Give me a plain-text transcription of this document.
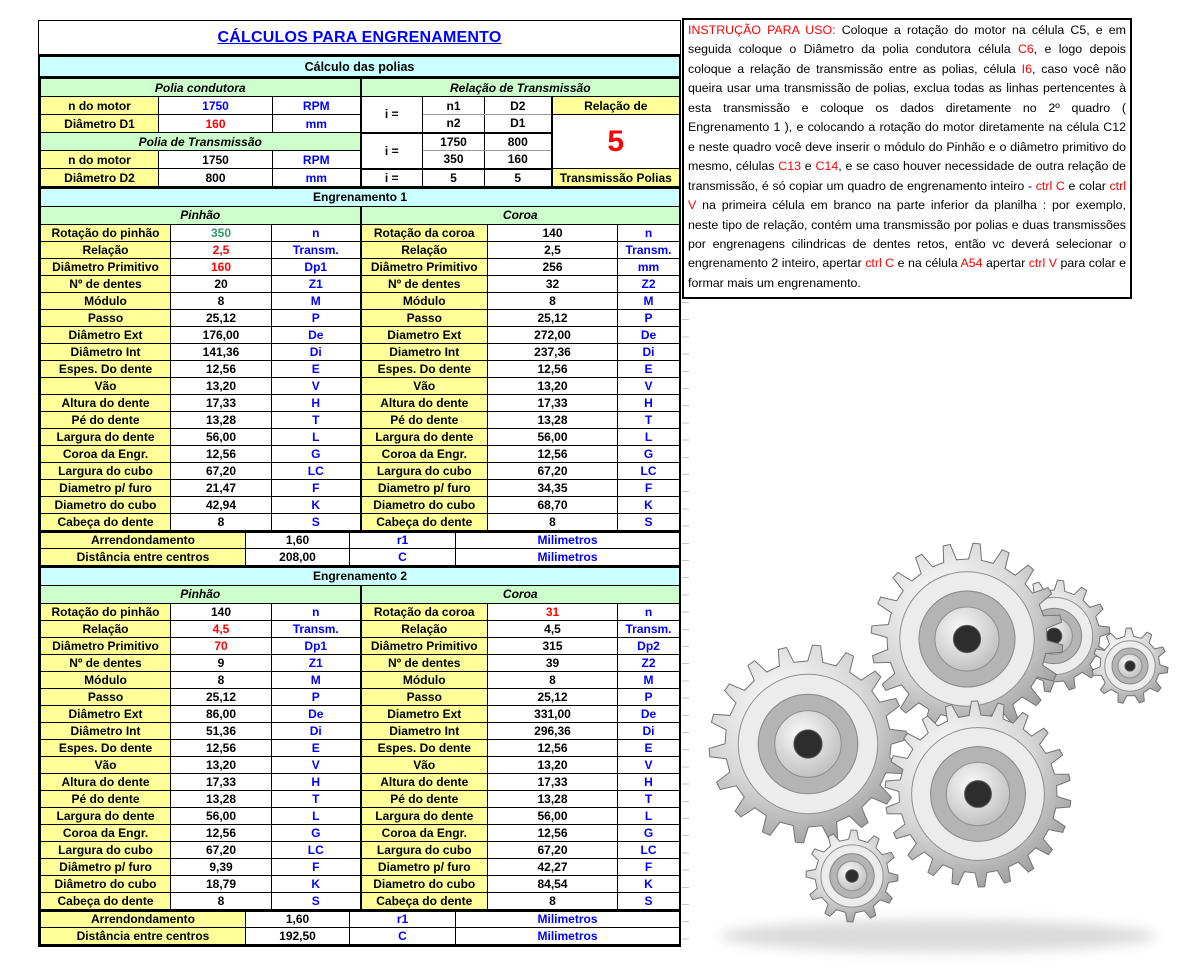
CÁLCULOS PARA ENGRENAMENTO
Cálculo das polias
Polia condutora			Relação de Transmissão			
n do motor	1750	RPM	i =	n1	D2	Relação de
Diâmetro D1	160	mm		n2	D1	5
Polia de Transmissão			i =	1750	800	
n do motor	1750	RPM		350	160	
Diâmetro D2	800	mm	i =	5	5	Transmissão Polias
Engrenamento 1					
Pinhão			Coroa		
Rotação do pinhão	350	n	Rotação da coroa	140	n
Relação	2,5	Transm.	Relação	2,5	Transm.
Diâmetro Primitivo	160	Dp1	Diâmetro Primitivo	256	mm
Nº de dentes	20	Z1	Nº de dentes	32	Z2
Módulo	8	M	Módulo	8	M
Passo	25,12	P	Passo	25,12	P
Diâmetro Ext	176,00	De	Diametro Ext	272,00	De
Diâmetro Int	141,36	Di	Diametro Int	237,36	Di
Espes. Do dente	12,56	E	Espes. Do dente	12,56	E
Vão	13,20	V	Vão	13,20	V
Altura do dente	17,33	H	Altura do dente	17,33	H
Pé do dente	13,28	T	Pé do dente	13,28	T
Largura do dente	56,00	L	Largura do dente	56,00	L
Coroa da Engr.	12,56	G	Coroa da Engr.	12,56	G
Largura do cubo	67,20	LC	Largura do cubo	67,20	LC
Diametro p/ furo	21,47	F	Diametro p/ furo	34,35	F
Diametro do cubo	42,94	K	Diametro do cubo	68,70	K
Cabeça do dente	8	S	Cabeça do dente	8	S
Arrendondamento	1,60	r1	Milimetros
Distância entre centros	208,00	C	Milimetros
Engrenamento 2					
Pinhão			Coroa		
Rotação do pinhão	140	n	Rotação da coroa	31	n
Relação	4,5	Transm.	Relação	4,5	Transm.
Diâmetro Primitivo	70	Dp1	Diâmetro Primitivo	315	Dp2
Nº de dentes	9	Z1	Nº de dentes	39	Z2
Módulo	8	M	Módulo	8	M
Passo	25,12	P	Passo	25,12	P
Diâmetro Ext	86,00	De	Diametro Ext	331,00	De
Diâmetro Int	51,36	Di	Diametro Int	296,36	Di
Espes. Do dente	12,56	E	Espes. Do dente	12,56	E
Vão	13,20	V	Vão	13,20	V
Altura do dente	17,33	H	Altura do dente	17,33	H
Pé do dente	13,28	T	Pé do dente	13,28	T
Largura do dente	56,00	L	Largura do dente	56,00	L
Coroa da Engr.	12,56	G	Coroa da Engr.	12,56	G
Largura do cubo	67,20	LC	Largura do cubo	67,20	LC
Diâmetro p/ furo	9,39	F	Diametro p/ furo	42,27	F
Diâmetro do cubo	18,79	K	Diametro do cubo	84,54	K
Cabeça do dente	8	S	Cabeça do dente	8	S
Arrendondamento	1,60	r1	Milimetros
Distância entre centros	192,50	C	Milimetros
INSTRUÇÃO PARA USO: Coloque a rotação do motor na célula C5, e em seguida coloque o Diâmetro da polia condutora célula C6, e logo depois coloque a relação de transmissão entre as polias, célula I6, caso você não queira usar uma transmissão de polias, exclua todas as linhas pertencentes à esta transmissão e coloque os dados diretamente no 2º quadro ( Engrenamento 1 ), e colocando a rotação do motor diretamente na célula C12 e neste quadro você deve inserir o módulo do Pinhão e o diâmetro primitivo do mesmo, células C13 e C14, e se caso houver necessidade de outra relação de transmissão, é só copiar um quadro de engrenamento inteiro - ctrl C e colar ctrl V na primeira célula em branco na parte inferior da planilha : por exemplo, neste tipo de relação, contém uma transmissão por polias e duas transmissões por engrenagens cilindricas de dentes retos, então vc deverá selecionar o engrenamento 2 inteiro, apertar ctrl C e na célula A54 apertar ctrl V para colar e formar mais um engrenamento.
